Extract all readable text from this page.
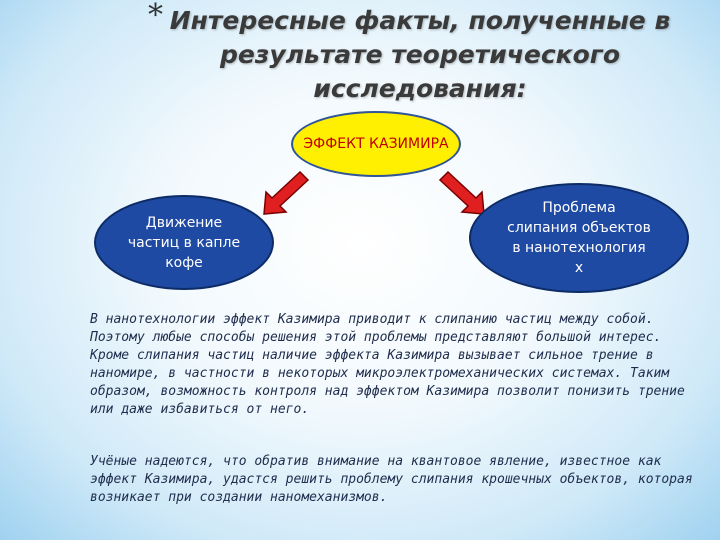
* Интересные факты, полученные в результате теоретического исследования:
ЭФФЕКТ КАЗИМИРА
Движение частиц в капле кофе
Проблема слипания объектов в нанотехнология х

В нанотехнологии эффект Казимира приводит к слипанию частиц между собой. Поэтому любые способы решения этой проблемы представляют большой интерес. Кроме слипания частиц наличие эффекта Казимира вызывает сильное трение в наномире, в частности в некоторых микроэлектромеханических системах. Таким образом, возможность контроля над эффектом Казимира позволит понизить трение или даже избавиться от него.

Учёные надеются, что обратив внимание на квантовое явление, известное как эффект Казимира, удастся решить проблему слипания крошечных объектов, которая возникает при создании наномеханизмов.
